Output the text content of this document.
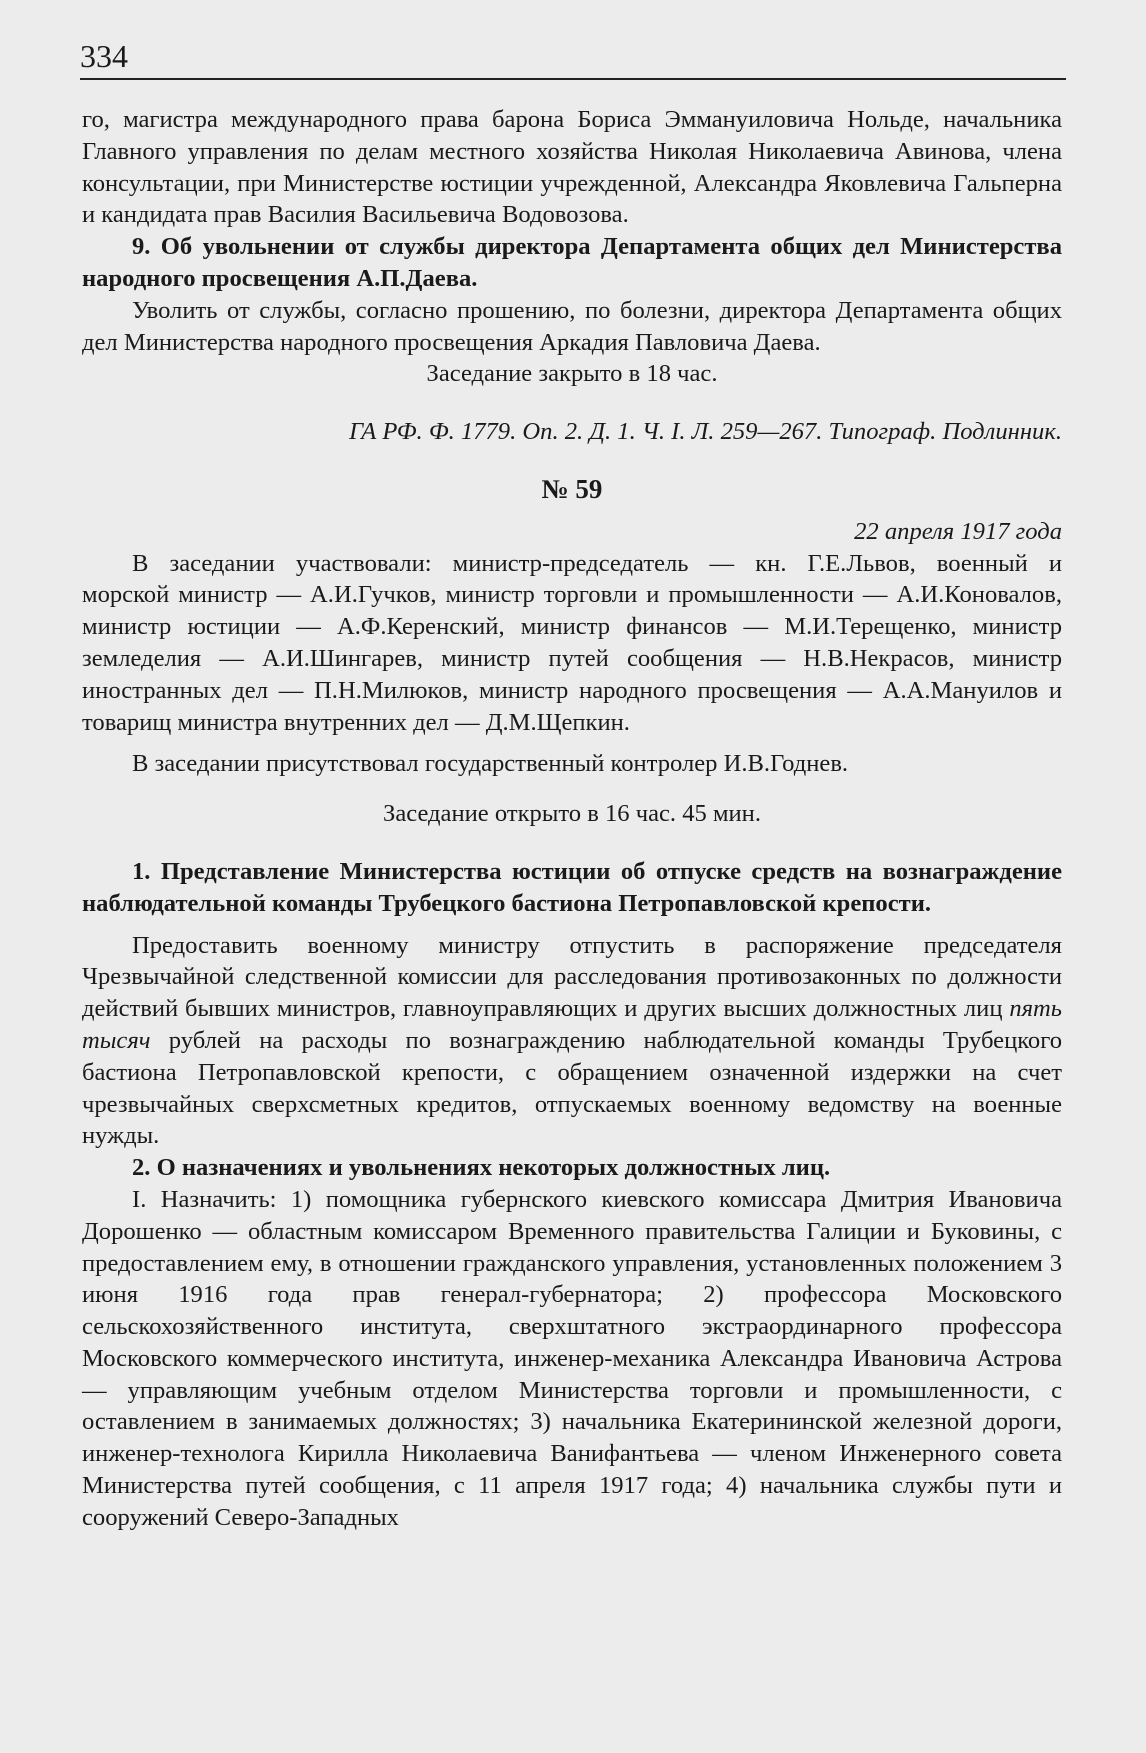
334

го, магистра международного права барона Бориса Эммануиловича Нольде, начальника Главного управления по делам местного хозяйства Николая Николаевича Авинова, члена консультации, при Министерстве юстиции учрежденной, Александра Яковлевича Гальперна и кандидата прав Василия Васильевича Водовозова.

9. Об увольнении от службы директора Департамента общих дел Министерства народного просвещения А.П.Даева.

Уволить от службы, согласно прошению, по болезни, директора Департамента общих дел Министерства народного просвещения Аркадия Павловича Даева.

Заседание закрыто в 18 час.

ГА РФ. Ф. 1779. Оп. 2. Д. 1. Ч. I. Л. 259—267. Типограф. Подлинник.

№ 59

22 апреля 1917 года

В заседании участвовали: министр-председатель — кн. Г.Е.Львов, военный и

морской министр — А.И.Гучков, министр торговли и промышленности — А.И.Коновалов, министр юстиции — А.Ф.Керенский, министр финансов — М.И.Терещенко, министр земледелия — А.И.Шингарев, министр путей сообщения — Н.В.Некрасов, министр иностранных дел — П.Н.Милюков, министр народного просвещения — А.А.Мануилов и товарищ министра внутренних дел — Д.М.Щепкин.

В заседании присутствовал государственный контролер И.В.Годнев.

Заседание открыто в 16 час. 45 мин.

1. Представление Министерства юстиции об отпуске средств на вознаграждение наблюдательной команды Трубецкого бастиона Петропавловской крепости.

Предоставить военному министру отпустить в распоряжение председателя Чрезвычайной следственной комиссии для расследования противозаконных по должности действий бывших министров, главноуправляющих и других высших должностных лиц пять тысяч рублей на расходы по вознаграждению наблюдательной команды Трубецкого бастиона Петропавловской крепости, с обращением означенной издержки на счет чрезвычайных сверхсметных кредитов, отпускаемых военному ведомству на военные нужды.

2. О назначениях и увольнениях некоторых должностных лиц.

I. Назначить: 1) помощника губернского киевского комиссара Дмитрия Ивановича Дорошенко — областным комиссаром Временного правительства Галиции и Буковины, с предоставлением ему, в отношении гражданского управления, установленных положением 3 июня 1916 года прав генерал-губернатора; 2) профессора Московского сельскохозяйственного института, сверхштатного экстраординарного профессора Московского коммерческого института, инженер-механика Александра Ивановича Астрова — управляющим учебным отделом Министерства торговли и промышленности, с оставлением в занимаемых должностях; 3) начальника Екатерининской железной дороги, инженер-технолога Кирилла Николаевича Ванифантьева — членом Инженерного совета Министерства путей сообщения, с 11 апреля 1917 года; 4) начальника службы пути и сооружений Северо-Западных
